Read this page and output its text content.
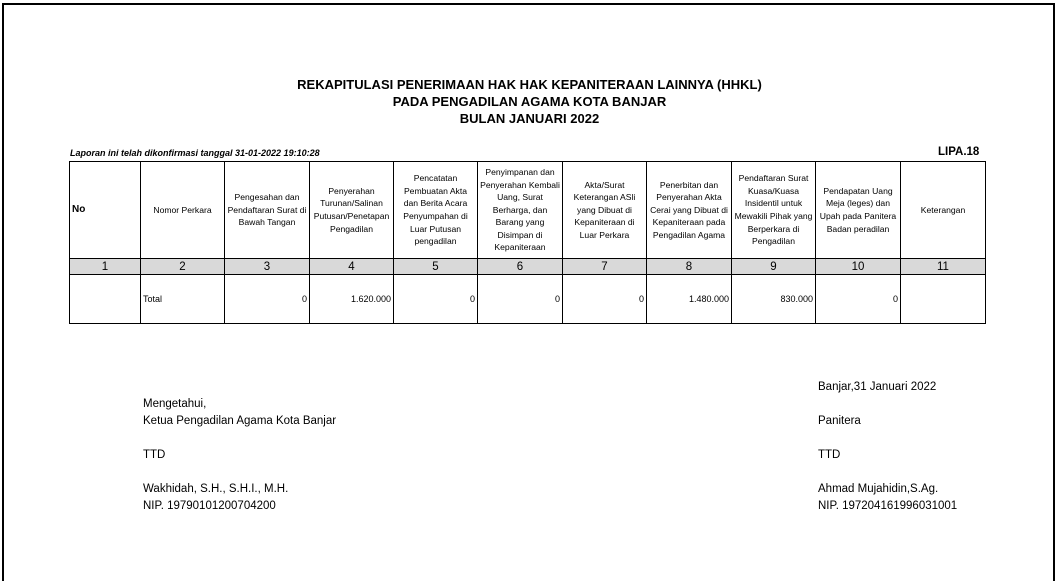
REKAPITULASI PENERIMAAN HAK HAK KEPANITERAAN LAINNYA (HHKL)
PADA PENGADILAN AGAMA KOTA BANJAR
BULAN JANUARI 2022
Laporan ini telah dikonfirmasi tanggal 31-01-2022 19:10:28	LIPA.18
No	Nomor Perkara	Pengesahan dan Pendaftaran Surat di Bawah Tangan	Penyerahan Turunan/Salinan Putusan/Penetapan Pengadilan	Pencatatan Pembuatan Akta dan Berita Acara Penyumpahan di Luar Putusan pengadilan	Penyimpanan dan Penyerahan Kembali Uang, Surat Berharga, dan Barang yang Disimpan di Kepaniteraan	Akta/Surat Keterangan ASli yang Dibuat di Kepaniteraan di Luar Perkara	Penerbitan dan Penyerahan Akta Cerai yang Dibuat di Kepaniteraan pada Pengadilan Agama	Pendaftaran Surat Kuasa/Kuasa Insidentil untuk Mewakili Pihak yang Berperkara di Pengadilan	Pendapatan Uang Meja (leges) dan Upah pada Panitera Badan peradilan	Keterangan
1	2	3	4	5	6	7	8	9	10	11
	Total	0	1.620.000	0	0	0	1.480.000	830.000	0	
Mengetahui,
Ketua Pengadilan Agama Kota Banjar
TTD
Wakhidah, S.H., S.H.I., M.H.
NIP. 19790101200704200
Banjar,31 Januari 2022
Panitera
TTD
Ahmad Mujahidin,S.Ag.
NIP. 197204161996031001
